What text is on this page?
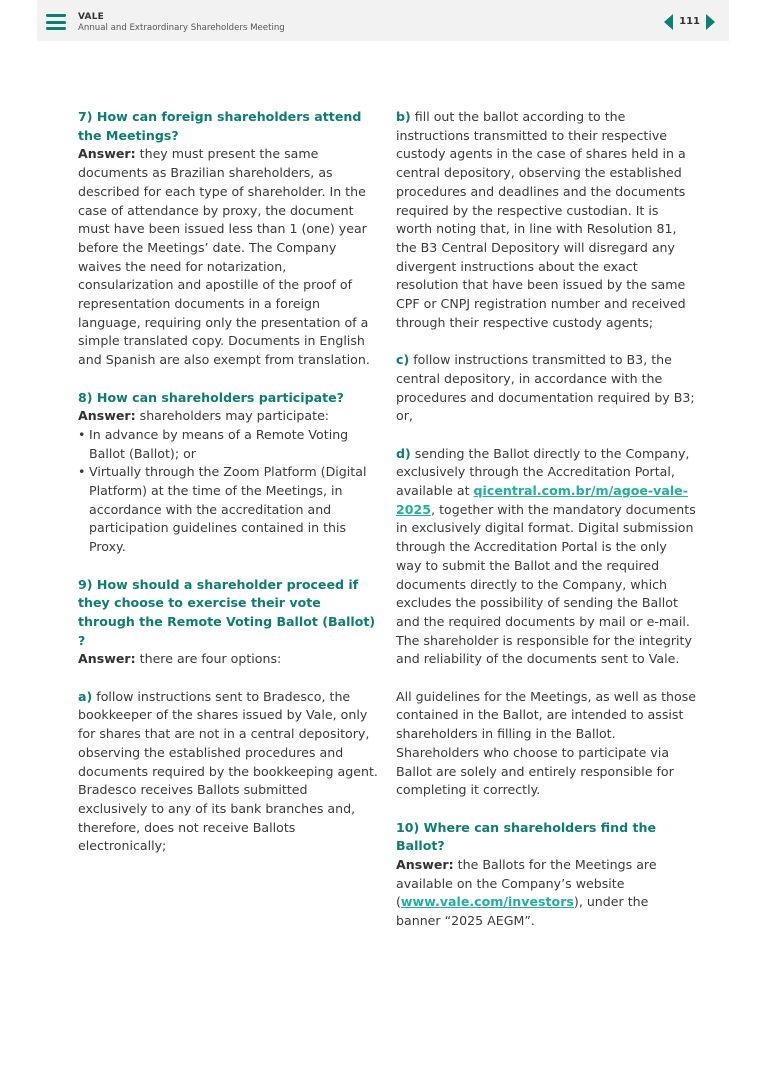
VALE
Annual and Extraordinary Shareholders Meeting
111

7) How can foreign shareholders attend the Meetings?

Answer: they must present the same documents as Brazilian shareholders, as described for each type of shareholder. In the case of attendance by proxy, the document must have been issued less than 1 (one) year before the Meetings’ date. The Company waives the need for notarization, consularization and apostille of the proof of representation documents in a foreign language, requiring only the presentation of a simple translated copy. Documents in English and Spanish are also exempt from translation.

8) How can shareholders participate?

Answer: shareholders may participate:

• In advance by means of a Remote Voting Ballot (Ballot); or
• Virtually through the Zoom Platform (Digital Platform) at the time of the Meetings, in accordance with the accreditation and participation guidelines contained in this Proxy.

9) How should a shareholder proceed if they choose to exercise their vote through the Remote Voting Ballot (Ballot) ?

Answer: there are four options:

a) follow instructions sent to Bradesco, the bookkeeper of the shares issued by Vale, only for shares that are not in a central depository, observing the established procedures and documents required by the bookkeeping agent. Bradesco receives Ballots submitted exclusively to any of its bank branches and, therefore, does not receive Ballots electronically;

b) fill out the ballot according to the instructions transmitted to their respective custody agents in the case of shares held in a central depository, observing the established procedures and deadlines and the documents required by the respective custodian. It is worth noting that, in line with Resolution 81, the B3 Central Depository will disregard any divergent instructions about the exact resolution that have been issued by the same CPF or CNPJ registration number and received through their respective custody agents;

c) follow instructions transmitted to B3, the central depository, in accordance with the procedures and documentation required by B3; or,

d) sending the Ballot directly to the Company, exclusively through the Accreditation Portal, available at qicentral.com.br/m/agoe-vale-2025, together with the mandatory documents in exclusively digital format. Digital submission through the Accreditation Portal is the only way to submit the Ballot and the required documents directly to the Company, which excludes the possibility of sending the Ballot and the required documents by mail or e-mail. The shareholder is responsible for the integrity and reliability of the documents sent to Vale.

All guidelines for the Meetings, as well as those contained in the Ballot, are intended to assist shareholders in filling in the Ballot. Shareholders who choose to participate via Ballot are solely and entirely responsible for completing it correctly.

10) Where can shareholders find the Ballot?

Answer: the Ballots for the Meetings are available on the Company’s website (www.vale.com/investors), under the banner “2025 AEGM”.
